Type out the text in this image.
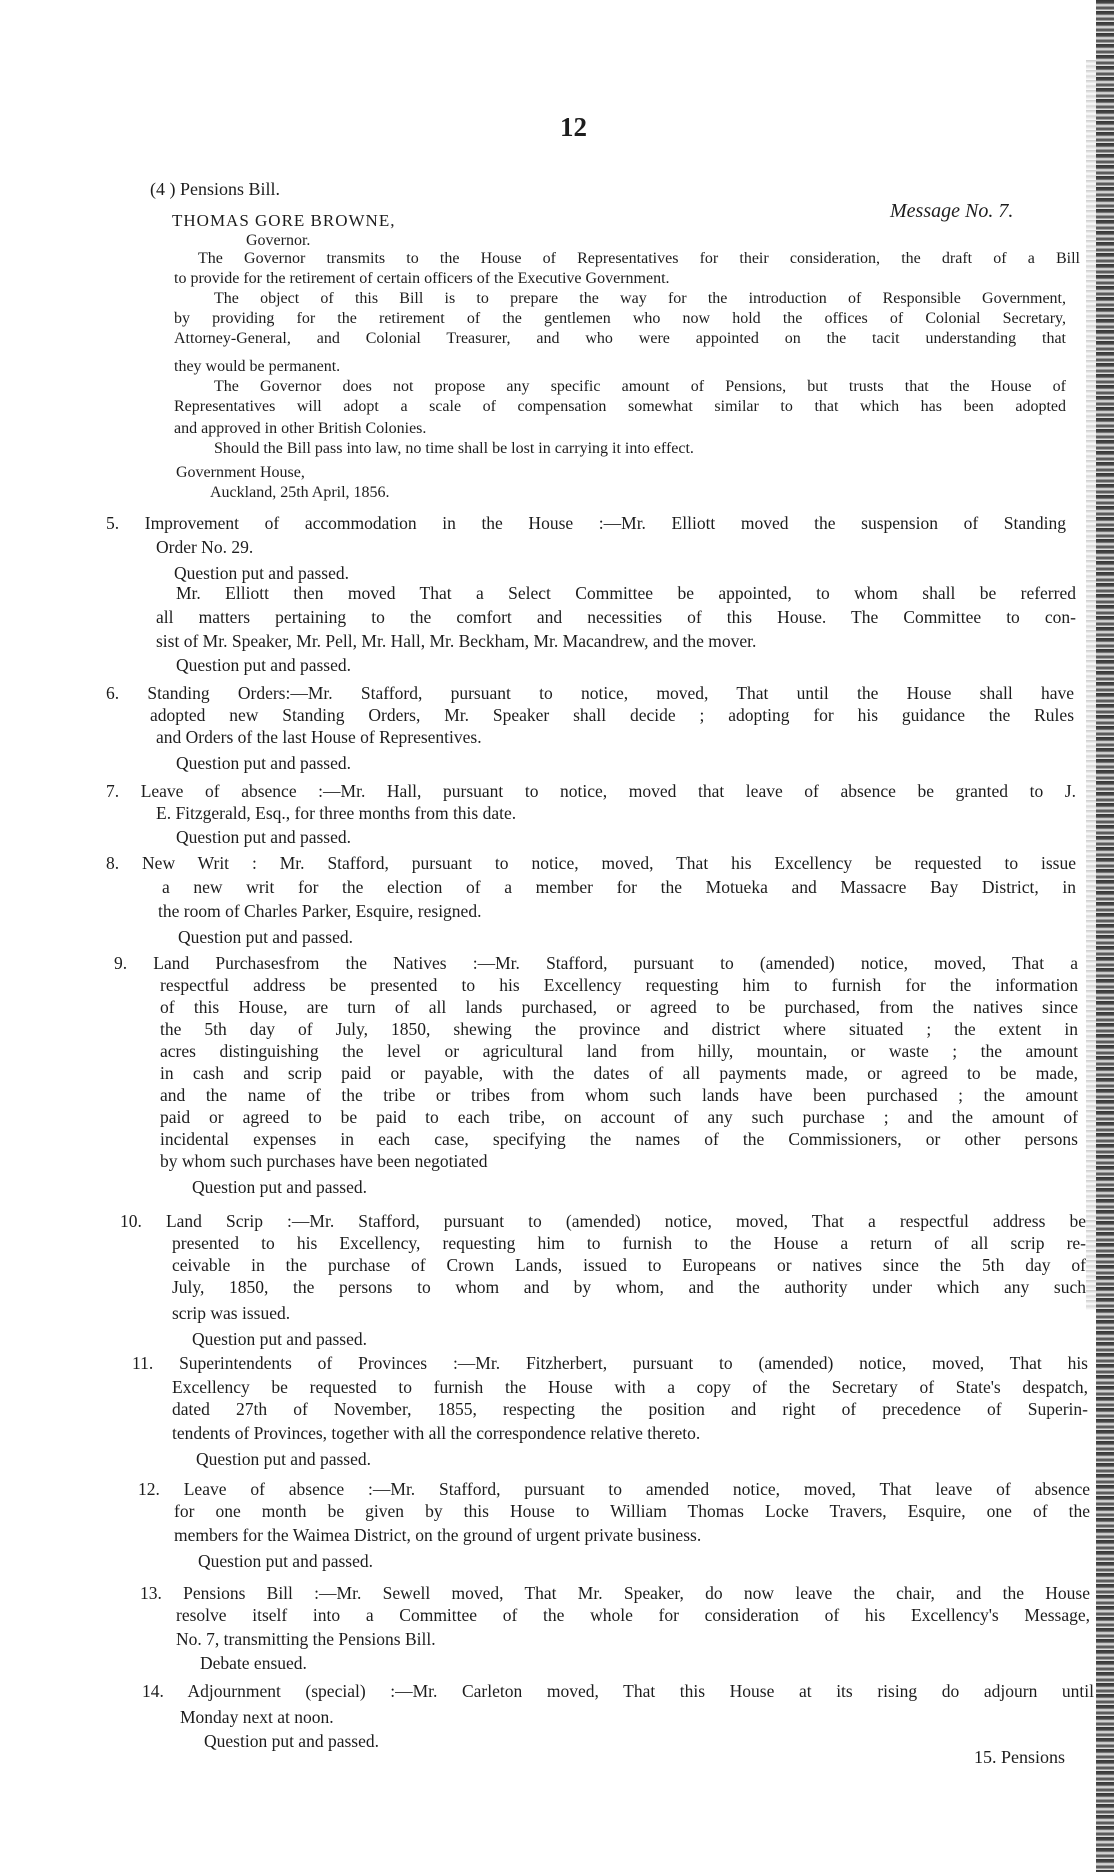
12
(4 ) Pensions Bill.
THOMAS GORE BROWNE,	Message No. 7.
Governor.
The Governor transmits to the House of Representatives for their consideration, the draft of a Bill
to provide for the retirement of certain officers of the Executive Government.
The object of this Bill is to prepare the way for the introduction of Responsible Government,
by providing for the retirement of the gentlemen who now hold the offices of Colonial Secretary,
Attorney-General, and Colonial Treasurer, and who were appointed on the tacit understanding that
they would be permanent.
The Governor does not propose any specific amount of Pensions, but trusts that the House of
Representatives will adopt a scale of compensation somewhat similar to that which has been adopted
and approved in other British Colonies.
Should the Bill pass into law, no time shall be lost in carrying it into effect.
Government House,
Auckland, 25th April, 1856.
5. Improvement of accommodation in the House :—Mr. Elliott moved the suspension of Standing
Order No. 29.
Question put and passed.
Mr. Elliott then moved That a Select Committee be appointed, to whom shall be referred
all matters pertaining to the comfort and necessities of this House. The Committee to con-
sist of Mr. Speaker, Mr. Pell, Mr. Hall, Mr. Beckham, Mr. Macandrew, and the mover.
Question put and passed.
6. Standing Orders:—Mr. Stafford, pursuant to notice, moved, That until the House shall have
adopted new Standing Orders, Mr. Speaker shall decide ; adopting for his guidance the Rules
and Orders of the last House of Representives.
Question put and passed.
7. Leave of absence :—Mr. Hall, pursuant to notice, moved that leave of absence be granted to J.
E. Fitzgerald, Esq., for three months from this date.
Question put and passed.
8. New Writ : Mr. Stafford, pursuant to notice, moved, That his Excellency be requested to issue
a new writ for the election of a member for the Motueka and Massacre Bay District, in
the room of Charles Parker, Esquire, resigned.
Question put and passed.
9. Land Purchasesfrom the Natives :—Mr. Stafford, pursuant to (amended) notice, moved, That a
respectful address be presented to his Excellency requesting him to furnish for the information
of this House, are turn of all lands purchased, or agreed to be purchased, from the natives since
the 5th day of July, 1850, shewing the province and district where situated ; the extent in
acres distinguishing the level or agricultural land from hilly, mountain, or waste ; the amount
in cash and scrip paid or payable, with the dates of all payments made, or agreed to be made,
and the name of the tribe or tribes from whom such lands have been purchased ; the amount
paid or agreed to be paid to each tribe, on account of any such purchase ; and the amount of
incidental expenses in each case, specifying the names of the Commissioners, or other persons
by whom such purchases have been negotiated
Question put and passed.
10. Land Scrip :—Mr. Stafford, pursuant to (amended) notice, moved, That a respectful address be
presented to his Excellency, requesting him to furnish to the House a return of all scrip re-
ceivable in the purchase of Crown Lands, issued to Europeans or natives since the 5th day of
July, 1850, the persons to whom and by whom, and the authority under which any such
scrip was issued.
Question put and passed.
11. Superintendents of Provinces :—Mr. Fitzherbert, pursuant to (amended) notice, moved, That his
Excellency be requested to furnish the House with a copy of the Secretary of State's despatch,
dated 27th of November, 1855, respecting the position and right of precedence of Superin-
tendents of Provinces, together with all the correspondence relative thereto.
Question put and passed.
12. Leave of absence :—Mr. Stafford, pursuant to amended notice, moved, That leave of absence
for one month be given by this House to William Thomas Locke Travers, Esquire, one of the
members for the Waimea District, on the ground of urgent private business.
Question put and passed.
13. Pensions Bill :—Mr. Sewell moved, That Mr. Speaker, do now leave the chair, and the House
resolve itself into a Committee of the whole for consideration of his Excellency's Message,
No. 7, transmitting the Pensions Bill.
Debate ensued.
14. Adjournment (special) :—Mr. Carleton moved, That this House at its rising do adjourn until
Monday next at noon.
Question put and passed.
15. Pensions
